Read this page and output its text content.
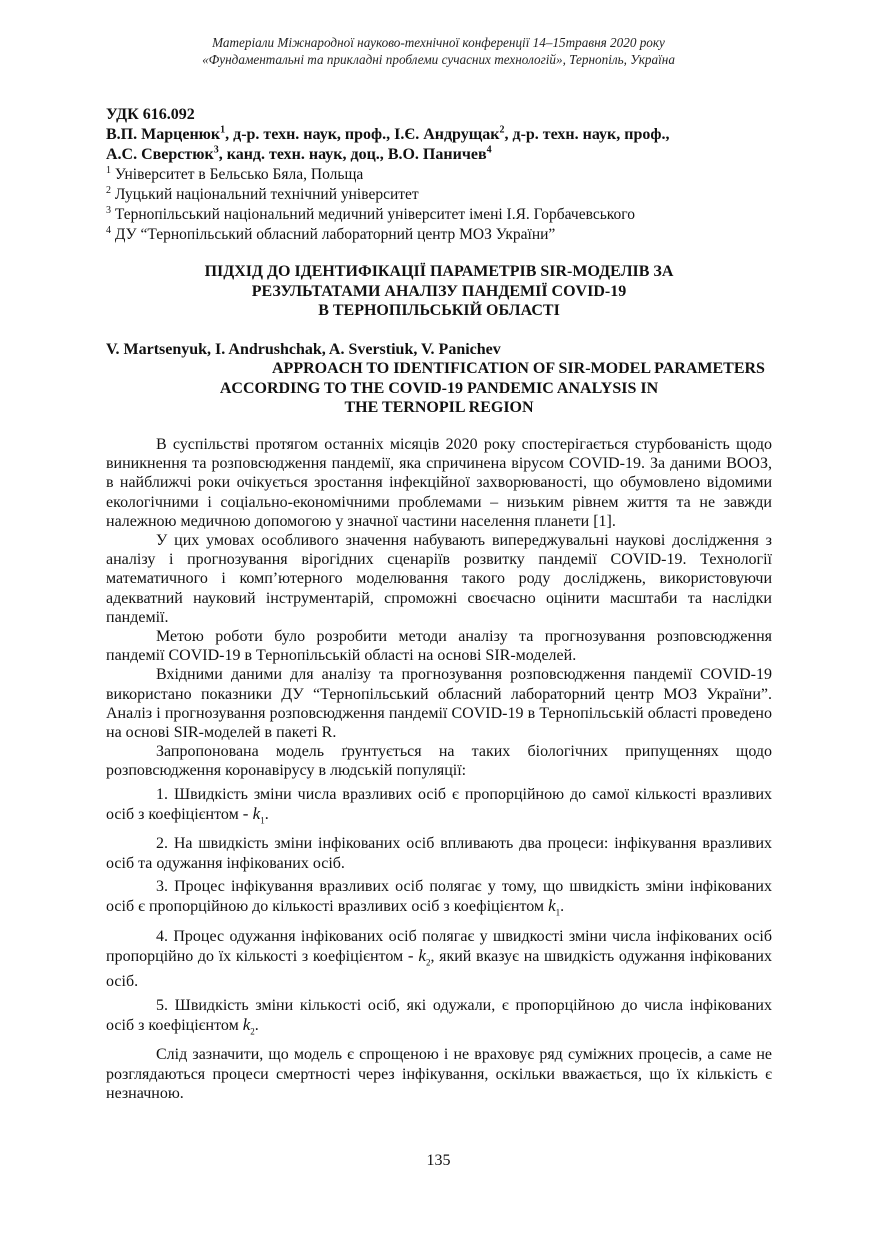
Матеріали Міжнародної науково-технічної конференції 14–15травня 2020 року
«Фундаментальні та прикладні проблеми сучасних технологій», Тернопіль, Україна
УДК 616.092
В.П. Марценюк$^1$, д-р. техн. наук, проф., І.Є. Андрущак$^2$, д-р. техн. наук, проф.,
А.С. Сверстюк$^3$, канд. техн. наук, доц., В.О. Паничев$^4$
$^1$ Університет в Бельсько Бяла, Польща
$^2$ Луцький національний технічний університет
$^3$ Тернопільський національний медичний університет імені І.Я. Горбачевського
$^4$ ДУ “Тернопільський обласний лабораторний центр МОЗ України”
ПІДХІД ДО ІДЕНТИФІКАЦІЇ ПАРАМЕТРІВ SIR-МОДЕЛІВ ЗА
РЕЗУЛЬТАТАМИ АНАЛІЗУ ПАНДЕМІЇ COVID-19
В ТЕРНОПІЛЬСЬКІЙ ОБЛАСТІ
V. Martsenyuk, I. Andrushchak, A. Sverstiuk, V. Panichev
APPROACH TO IDENTIFICATION OF SIR-MODEL PARAMETERS
ACCORDING TO THE COVID-19 PANDEMIC ANALYSIS IN
THE TERNOPIL REGION

В суспільстві протягом останніх місяців 2020 року спостерігається стурбованість щодо виникнення та розповсюдження пандемії, яка спричинена вірусом COVID-19. За даними ВООЗ, в найближчі роки очікується зростання інфекційної захворюваності, що обумовлено відомими екологічними і соціально-економічними проблемами – низьким рівнем життя та не завжди належною медичною допомогою у значної частини населення планети [1].

У цих умовах особливого значення набувають випереджувальні наукові дослідження з аналізу і прогнозування вірогідних сценаріїв розвитку пандемії COVID-19. Технології математичного і комп’ютерного моделювання такого роду досліджень, використовуючи адекватний науковий інструментарій, спроможні своєчасно оцінити масштаби та наслідки пандемії.

Метою роботи було розробити методи аналізу та прогнозування розповсюдження пандемії COVID-19 в Тернопільській області на основі SIR-моделей.

Вхідними даними для аналізу та прогнозування розповсюдження пандемії COVID-19 використано показники ДУ “Тернопільський обласний лабораторний центр МОЗ України”. Аналіз і прогнозування розповсюдження пандемії COVID-19 в Тернопільській області проведено на основі SIR-моделей в пакеті R.

Запропонована модель ґрунтується на таких біологічних припущеннях щодо розповсюдження коронавірусу в людській популяції:

1. Швидкість зміни числа вразливих осіб є пропорційною до самої кількості вразливих осіб з коефіцієнтом - $k_1$.

2. На швидкість зміни інфікованих осіб впливають два процеси: інфікування вразливих осіб та одужання інфікованих осіб.

3. Процес інфікування вразливих осіб полягає у тому, що швидкість зміни інфікованих осіб є пропорційною до кількості вразливих осіб з коефіцієнтом $k_1$.

4. Процес одужання інфікованих осіб полягає у швидкості зміни числа інфікованих осіб пропорційно до їх кількості з коефіцієнтом - $k_2$, який вказує на швидкість одужання інфікованих осіб.

5. Швидкість зміни кількості осіб, які одужали, є пропорційною до числа інфікованих осіб з коефіцієнтом $k_2$.

Слід зазначити, що модель є спрощеною і не враховує ряд суміжних процесів, а саме не розглядаються процеси смертності через інфікування, оскільки вважається, що їх кількість є незначною.

135
